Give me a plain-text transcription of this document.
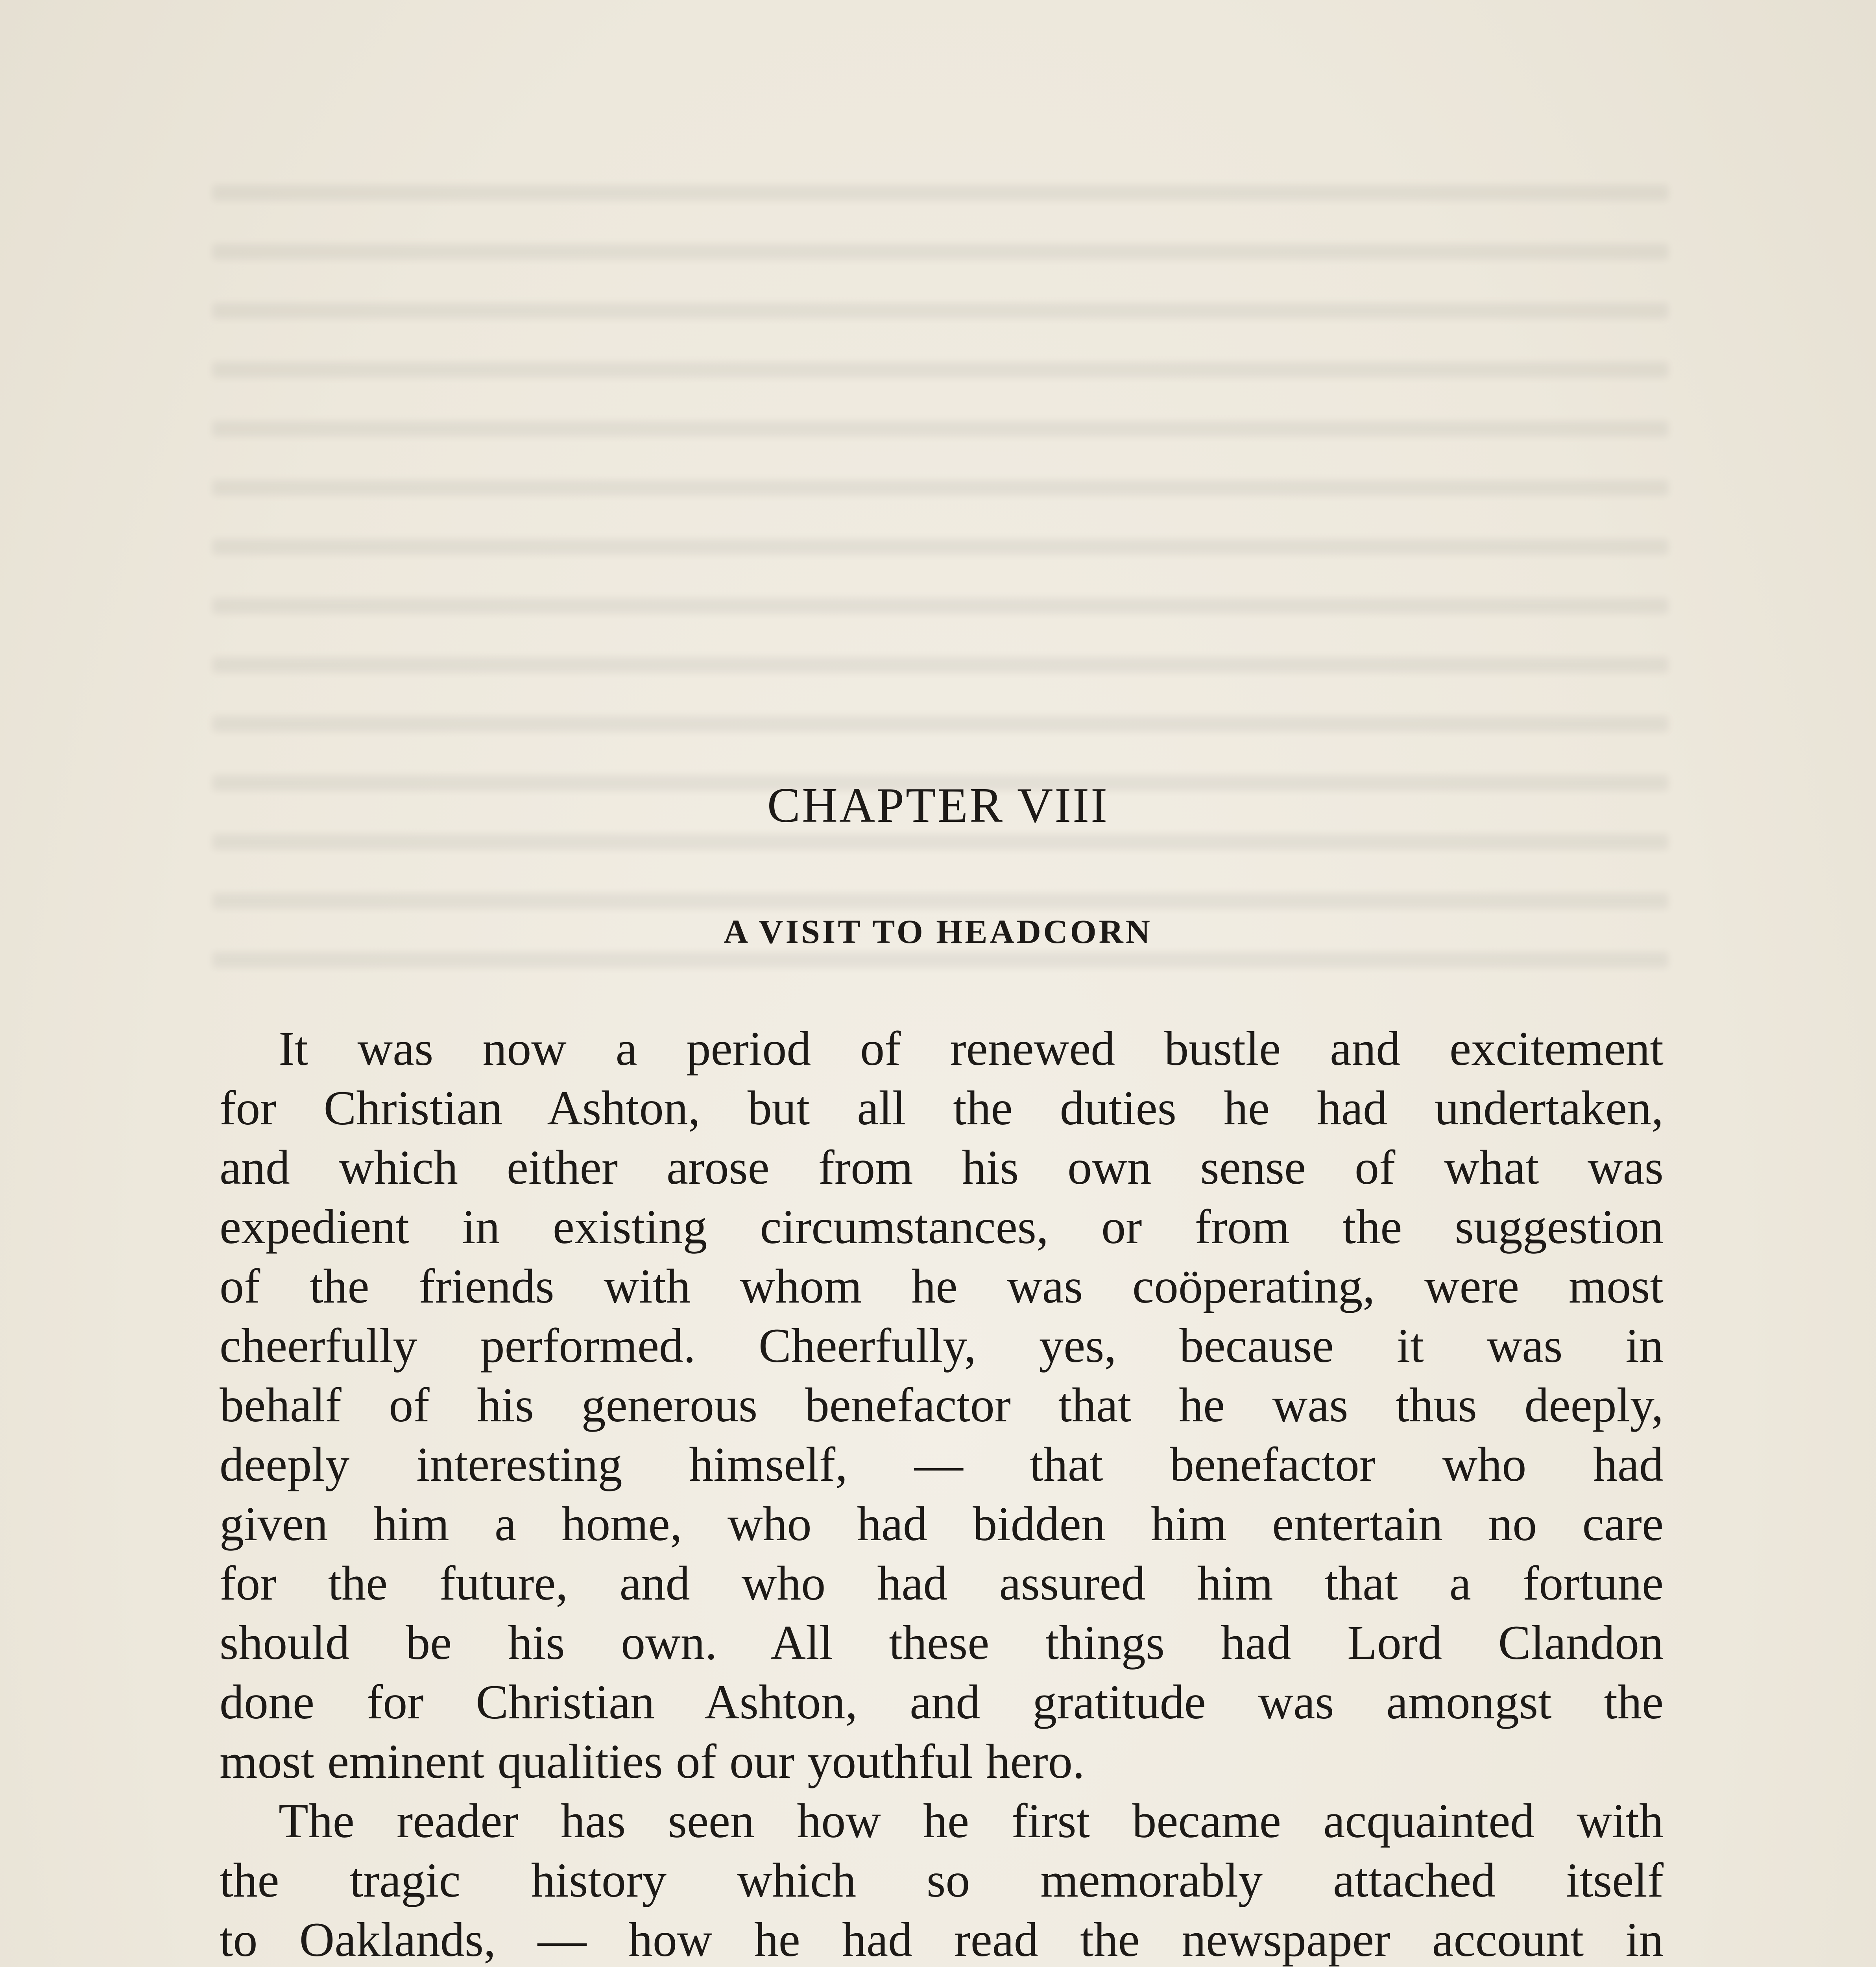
CHAPTER VIII
A VISIT TO HEADCORN
It was now a period of renewed bustle and excitement
for Christian Ashton, but all the duties he had undertaken,
and which either arose from his own sense of what was
expedient in existing circumstances, or from the suggestion
of the friends with whom he was coöperating, were most
cheerfully performed. Cheerfully, yes, because it was in
behalf of his generous benefactor that he was thus deeply,
deeply interesting himself, — that benefactor who had
given him a home, who had bidden him entertain no care
for the future, and who had assured him that a fortune
should be his own. All these things had Lord Clandon
done for Christian Ashton, and gratitude was amongst the
most eminent qualities of our youthful hero.
The reader has seen how he first became acquainted with
the tragic history which so memorably attached itself
to Oaklands, — how he had read the newspaper account in
